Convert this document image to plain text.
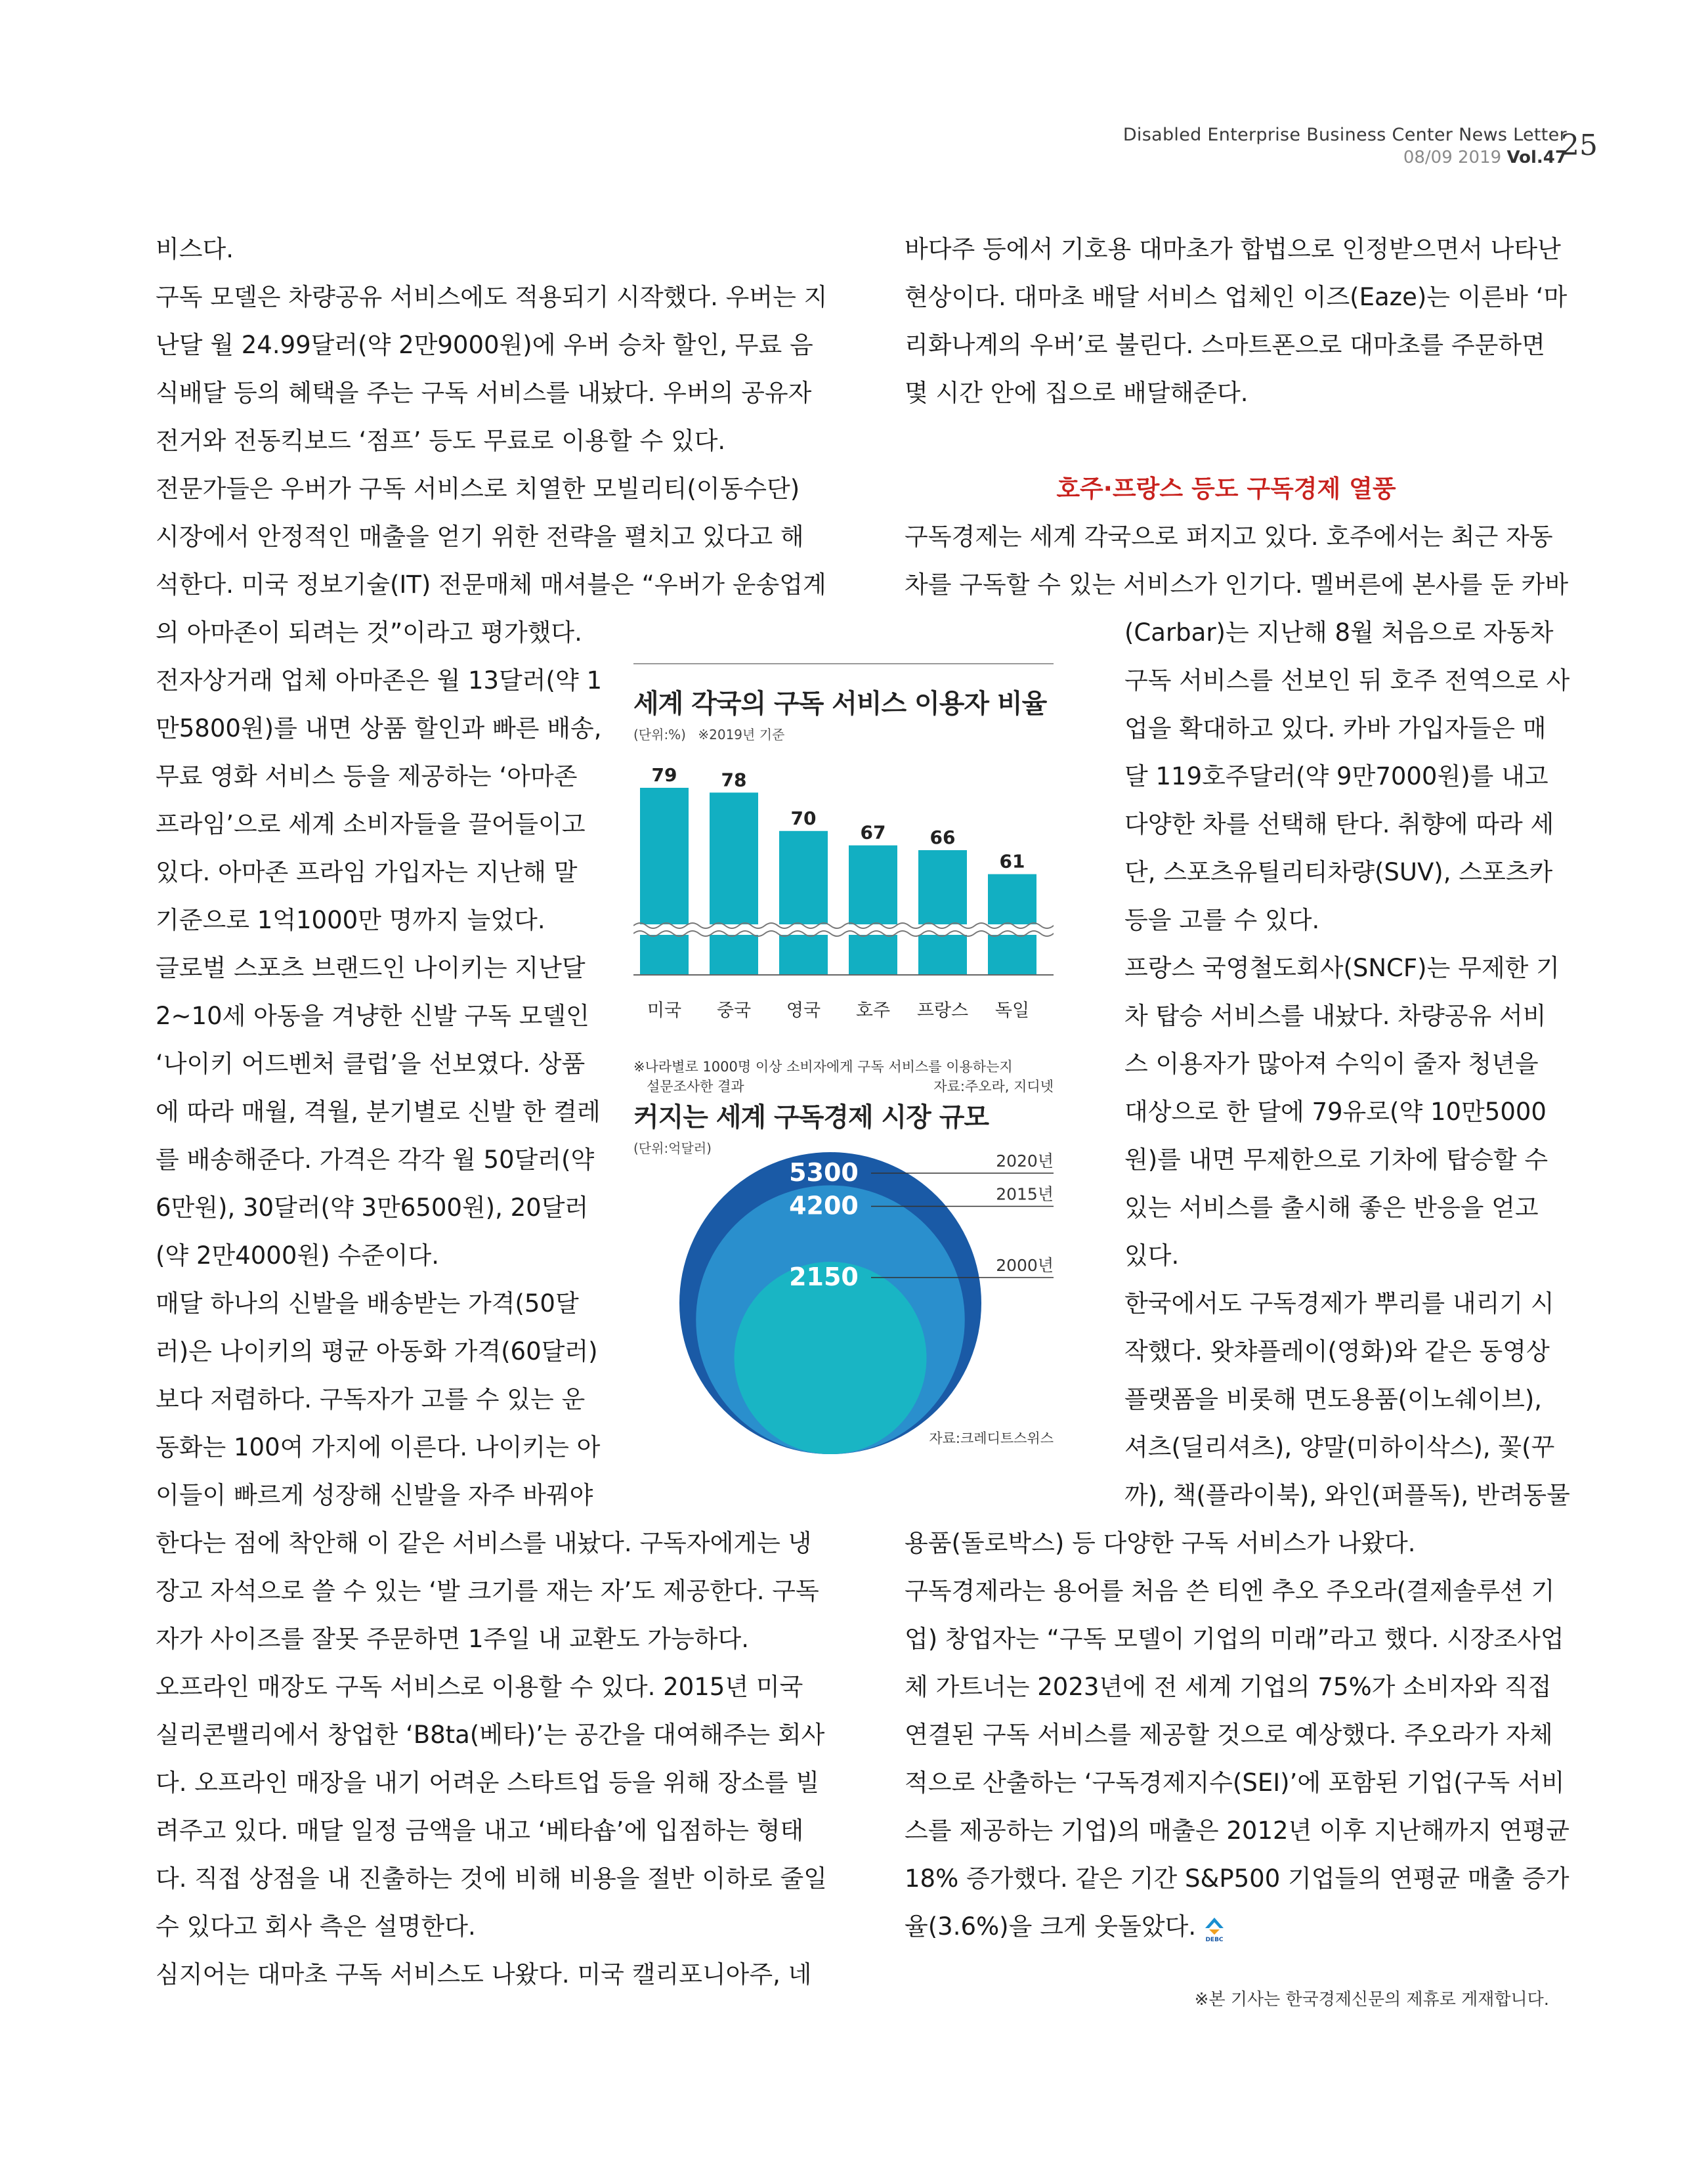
Disabled Enterprise Business Center News Letter
08/09 2019 Vol.47
25

비스다.

구독 모델은 차량공유 서비스에도 적용되기 시작했다. 우버는 지

난달 월 24.99달러(약 2만9000원)에 우버 승차 할인, 무료 음

식배달 등의 혜택을 주는 구독 서비스를 내놨다. 우버의 공유자

전거와 전동킥보드 ‘점프’ 등도 무료로 이용할 수 있다.

전문가들은 우버가 구독 서비스로 치열한 모빌리티(이동수단)

시장에서 안정적인 매출을 얻기 위한 전략을 펼치고 있다고 해

석한다. 미국 정보기술(IT) 전문매체 매셔블은 “우버가 운송업계

의 아마존이 되려는 것”이라고 평가했다.

전자상거래 업체 아마존은 월 13달러(약 1

만5800원)를 내면 상품 할인과 빠른 배송,

무료 영화 서비스 등을 제공하는 ‘아마존

프라임’으로 세계 소비자들을 끌어들이고

있다. 아마존 프라임 가입자는 지난해 말

기준으로 1억1000만 명까지 늘었다.

글로벌 스포츠 브랜드인 나이키는 지난달

2~10세 아동을 겨냥한 신발 구독 모델인

‘나이키 어드벤처 클럽’을 선보였다. 상품

에 따라 매월, 격월, 분기별로 신발 한 켤레

를 배송해준다. 가격은 각각 월 50달러(약

6만원), 30달러(약 3만6500원), 20달러

(약 2만4000원) 수준이다.

매달 하나의 신발을 배송받는 가격(50달

러)은 나이키의 평균 아동화 가격(60달러)

보다 저렴하다. 구독자가 고를 수 있는 운

동화는 100여 가지에 이른다. 나이키는 아

이들이 빠르게 성장해 신발을 자주 바꿔야

한다는 점에 착안해 이 같은 서비스를 내놨다. 구독자에게는 냉

장고 자석으로 쓸 수 있는 ‘발 크기를 재는 자’도 제공한다. 구독

자가 사이즈를 잘못 주문하면 1주일 내 교환도 가능하다.

오프라인 매장도 구독 서비스로 이용할 수 있다. 2015년 미국

실리콘밸리에서 창업한 ‘B8ta(베타)’는 공간을 대여해주는 회사

다. 오프라인 매장을 내기 어려운 스타트업 등을 위해 장소를 빌

려주고 있다. 매달 일정 금액을 내고 ‘베타숍’에 입점하는 형태

다. 직접 상점을 내 진출하는 것에 비해 비용을 절반 이하로 줄일

수 있다고 회사 측은 설명한다.

심지어는 대마초 구독 서비스도 나왔다. 미국 캘리포니아주, 네

바다주 등에서 기호용 대마초가 합법으로 인정받으면서 나타난

현상이다. 대마초 배달 서비스 업체인 이즈(Eaze)는 이른바 ‘마

리화나계의 우버’로 불린다. 스마트폰으로 대마초를 주문하면

몇 시간 안에 집으로 배달해준다.

호주·프랑스 등도 구독경제 열풍

구독경제는 세계 각국으로 퍼지고 있다. 호주에서는 최근 자동

차를 구독할 수 있는 서비스가 인기다. 멜버른에 본사를 둔 카바

(Carbar)는 지난해 8월 처음으로 자동차

구독 서비스를 선보인 뒤 호주 전역으로 사

업을 확대하고 있다. 카바 가입자들은 매

달 119호주달러(약 9만7000원)를 내고

다양한 차를 선택해 탄다. 취향에 따라 세

단, 스포츠유틸리티차량(SUV), 스포츠카

등을 고를 수 있다.

프랑스 국영철도회사(SNCF)는 무제한 기

차 탑승 서비스를 내놨다. 차량공유 서비

스 이용자가 많아져 수익이 줄자 청년을

대상으로 한 달에 79유로(약 10만5000

원)를 내면 무제한으로 기차에 탑승할 수

있는 서비스를 출시해 좋은 반응을 얻고

있다.

한국에서도 구독경제가 뿌리를 내리기 시

작했다. 왓챠플레이(영화)와 같은 동영상

플랫폼을 비롯해 면도용품(이노쉐이브),

셔츠(딜리셔츠), 양말(미하이삭스), 꽃(꾸

까), 책(플라이북), 와인(퍼플독), 반려동물

용품(돌로박스) 등 다양한 구독 서비스가 나왔다.

구독경제라는 용어를 처음 쓴 티엔 추오 주오라(결제솔루션 기

업) 창업자는 “구독 모델이 기업의 미래”라고 했다. 시장조사업

체 가트너는 2023년에 전 세계 기업의 75%가 소비자와 직접

연결된 구독 서비스를 제공할 것으로 예상했다. 주오라가 자체

적으로 산출하는 ‘구독경제지수(SEI)’에 포함된 기업(구독 서비

스를 제공하는 기업)의 매출은 2012년 이후 지난해까지 연평균

18% 증가했다. 같은 기간 S&P500 기업들의 연평균 매출 증가

율(3.6%)을 크게 웃돌았다. DEBC

세계 각국의 구독 서비스 이용자 비율
(단위:%) ※2019년 기준
79
미국
78
중국
70
영국
67
호주
66
프랑스
61
독일
※나라별로 1000명 이상 소비자에게 구독 서비스를 이용하는지
설문조사한 결과	자료:주오라, 지디넷
커지는 세계 구독경제 시장 규모
(단위:억달러)
5300	2020년
4200	2015년
2150	2000년
자료:크레디트스위스
※본 기사는 한국경제신문의 제휴로 게재합니다.
